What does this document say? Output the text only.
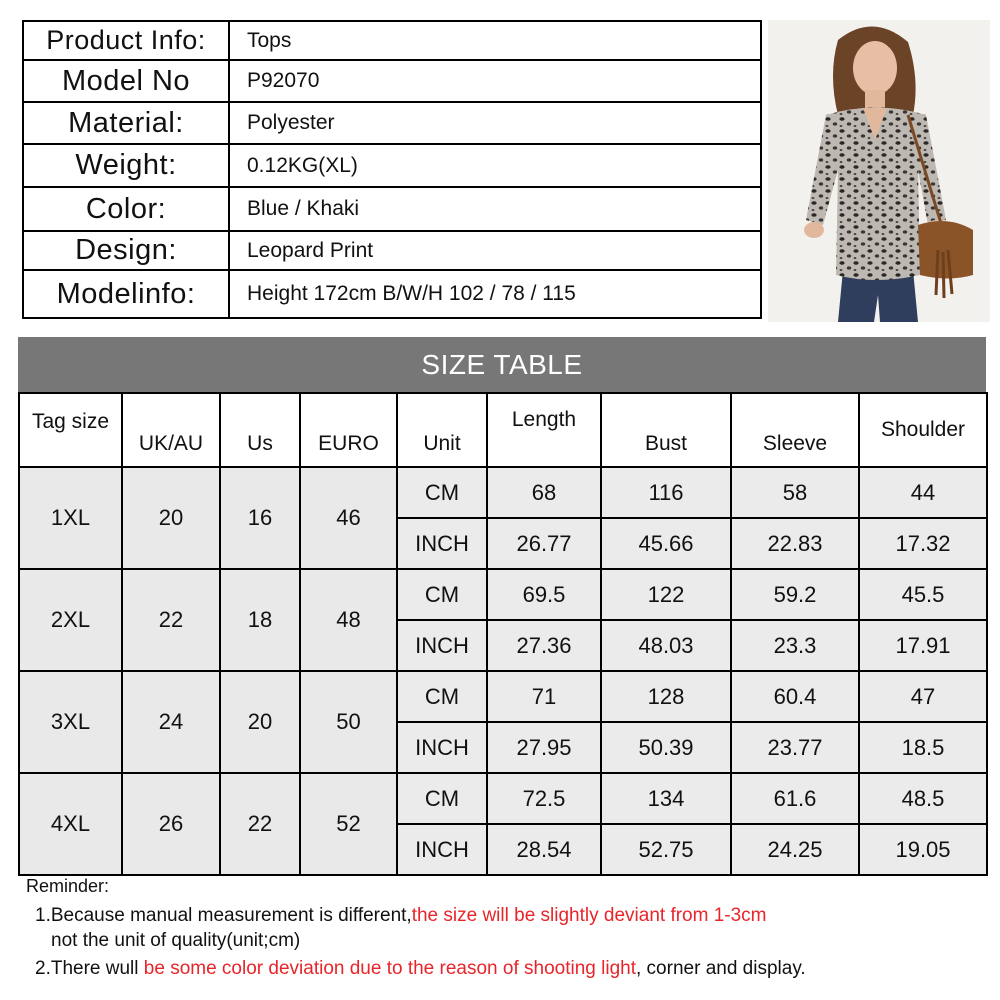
Product Info:	Tops
Model No	P92070
Material:	Polyester
Weight:	0.12KG(XL)
Color:	Blue / Khaki
Design:	Leopard Print
Modelinfo:	Height 172cm B/W/H 102 / 78 / 115
SIZE TABLE
Tag size	UK/AU	Us	EURO	Unit	Length	Bust	Sleeve	Shoulder
1XL	20	16	46	CM	68	116	58	44
				INCH	26.77	45.66	22.83	17.32
2XL	22	18	48	CM	69.5	122	59.2	45.5
				INCH	27.36	48.03	23.3	17.91
3XL	24	20	50	CM	71	128	60.4	47
				INCH	27.95	50.39	23.77	18.5
4XL	26	22	52	CM	72.5	134	61.6	48.5
				INCH	28.54	52.75	24.25	19.05
Reminder:
1.Because manual measurement is different,the size will be slightly deviant from 1-3cm
not the unit of quality(unit;cm)
2.There wull be some color deviation due to the reason of shooting light, corner and display.
